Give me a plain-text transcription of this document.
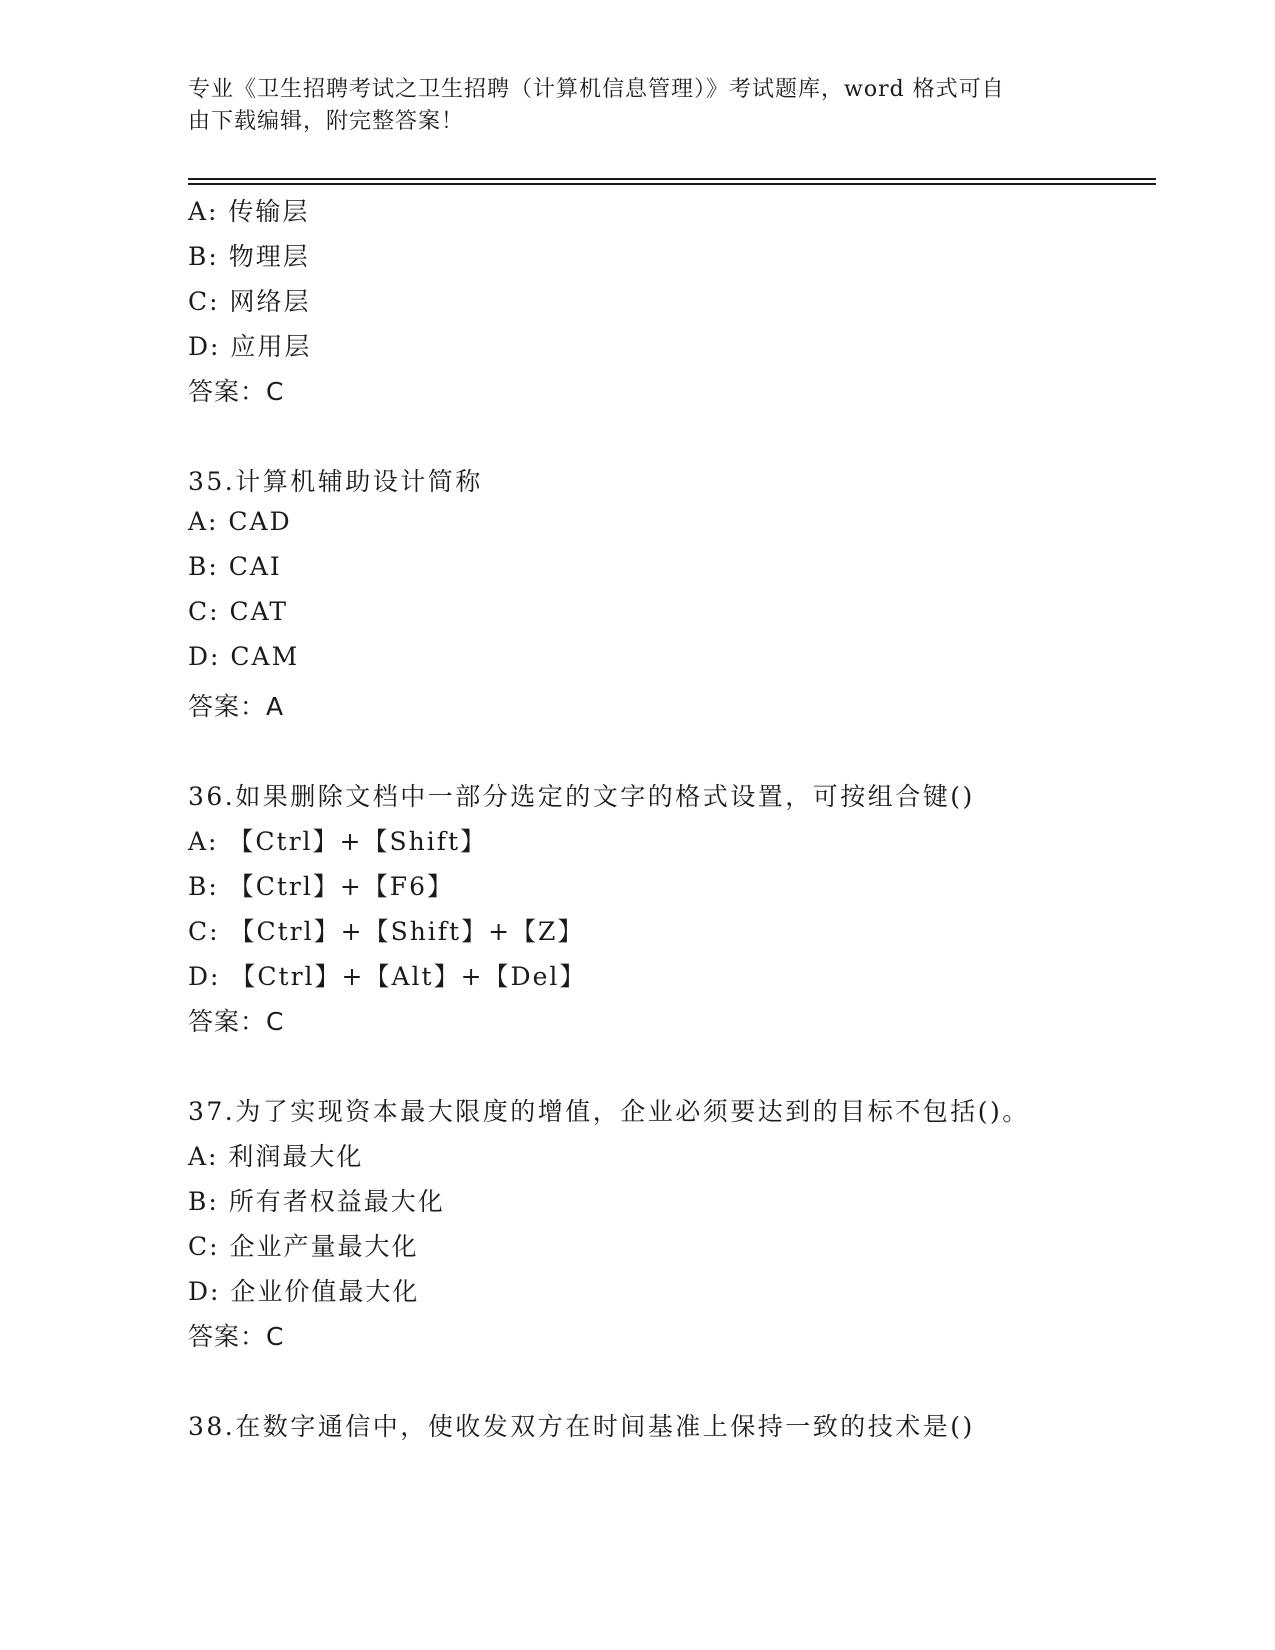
专业《卫生招聘考试之卫生招聘（计算机信息管理）》考试题库，word 格式可自
由下载编辑，附完整答案！
A: 传输层
B: 物理层
C: 网络层
D: 应用层
答案：C
35.计算机辅助设计简称
A: CAD
B: CAI
C: CAT
D: CAM
答案：A
36.如果删除文档中一部分选定的文字的格式设置，可按组合键()
A: 【Ctrl】+【Shift】
B: 【Ctrl】+【F6】
C: 【Ctrl】+【Shift】+【Z】
D: 【Ctrl】+【Alt】+【Del】
答案：C
37.为了实现资本最大限度的增值，企业必须要达到的目标不包括()。
A: 利润最大化
B: 所有者权益最大化
C: 企业产量最大化
D: 企业价值最大化
答案：C
38.在数字通信中，使收发双方在时间基准上保持一致的技术是()
